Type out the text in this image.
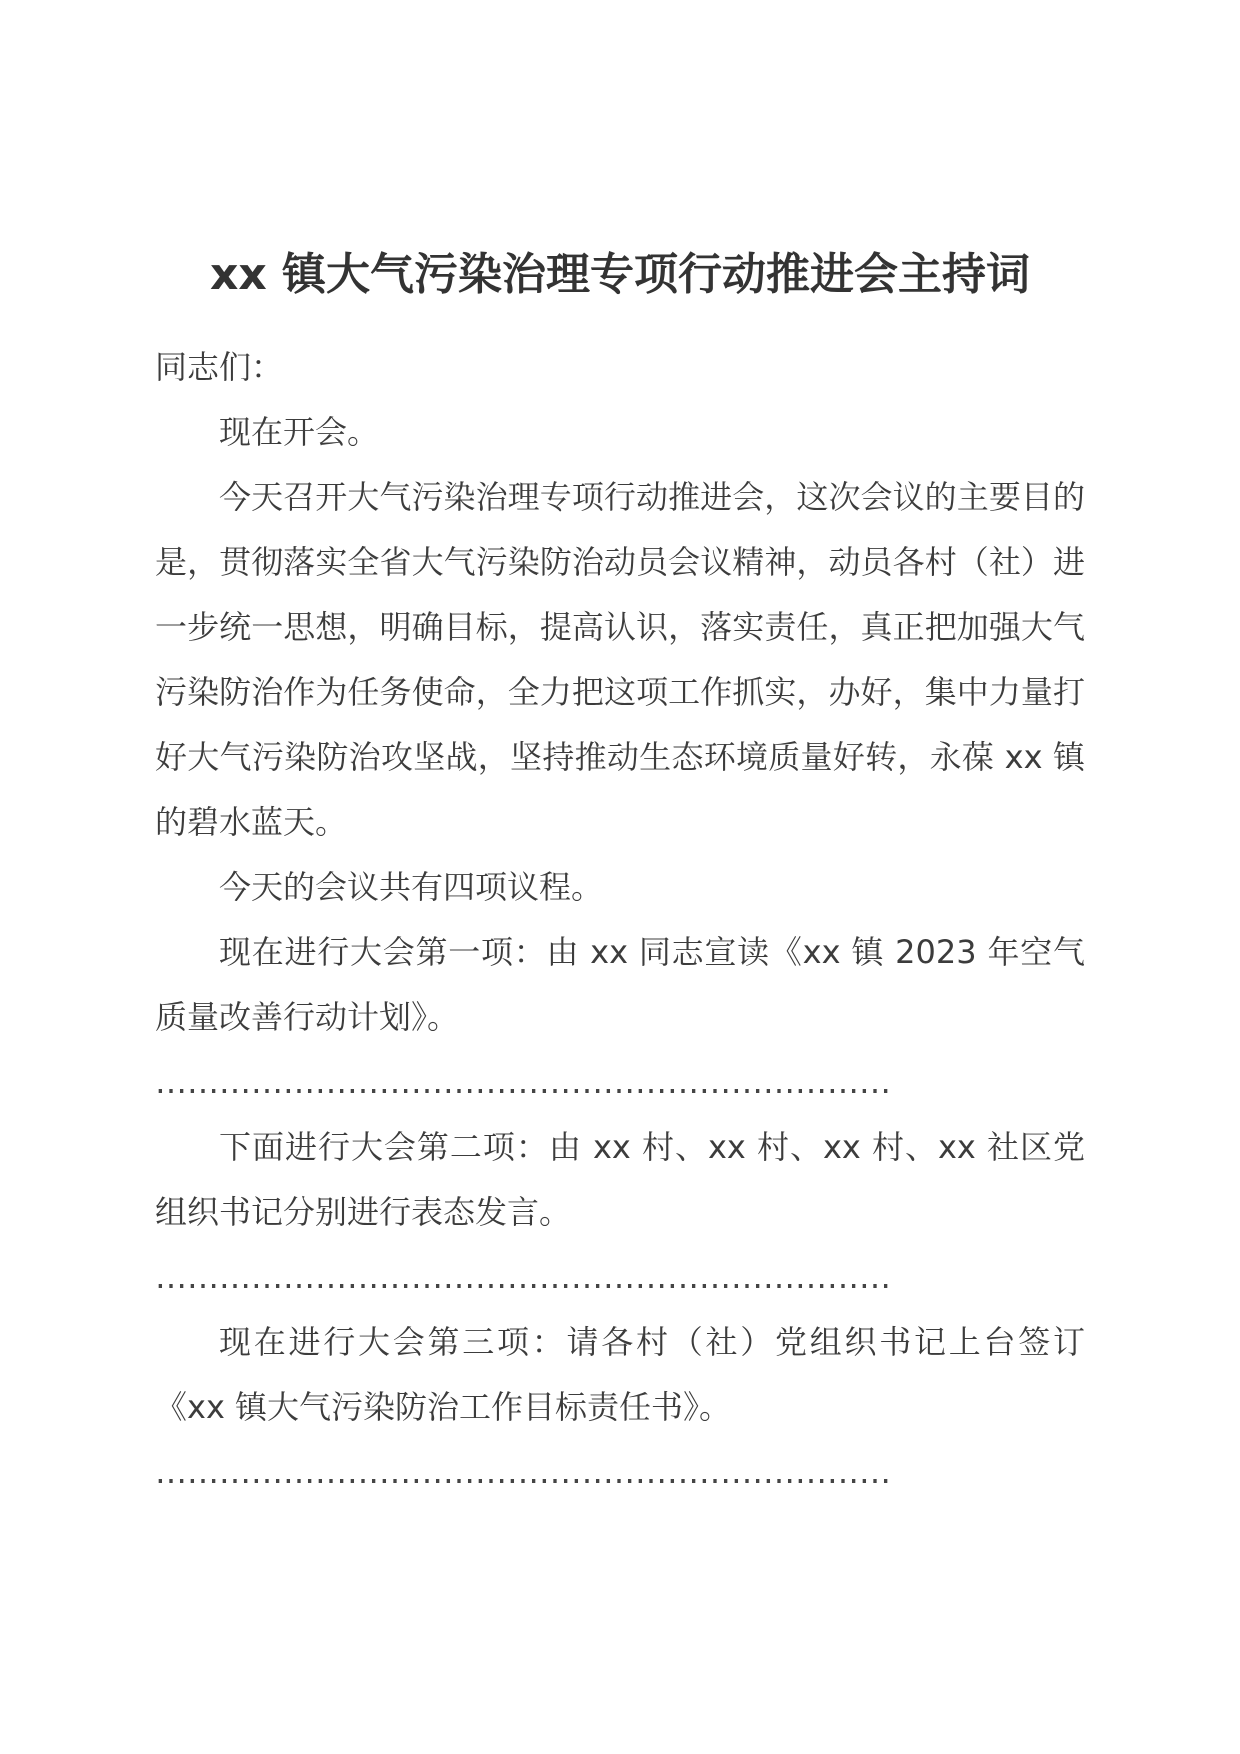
xx 镇大气污染治理专项行动推进会主持词

同志们：

现在开会。

今天召开大气污染治理专项行动推进会，这次会议的主要目的是，贯彻落实全省大气污染防治动员会议精神，动员各村（社）进一步统一思想，明确目标，提高认识，落实责任，真正把加强大气污染防治作为任务使命，全力把这项工作抓实，办好，集中力量打好大气污染防治攻坚战，坚持推动生态环境质量好转，永葆 xx 镇的碧水蓝天。

今天的会议共有四项议程。

现在进行大会第一项：由 xx 同志宣读《xx 镇 2023 年空气质量改善行动计划》。

……………………………………………………………

下面进行大会第二项：由 xx 村、xx 村、xx 村、xx 社区党组织书记分别进行表态发言。

……………………………………………………………

现在进行大会第三项：请各村（社）党组织书记上台签订《xx 镇大气污染防治工作目标责任书》。

……………………………………………………………
